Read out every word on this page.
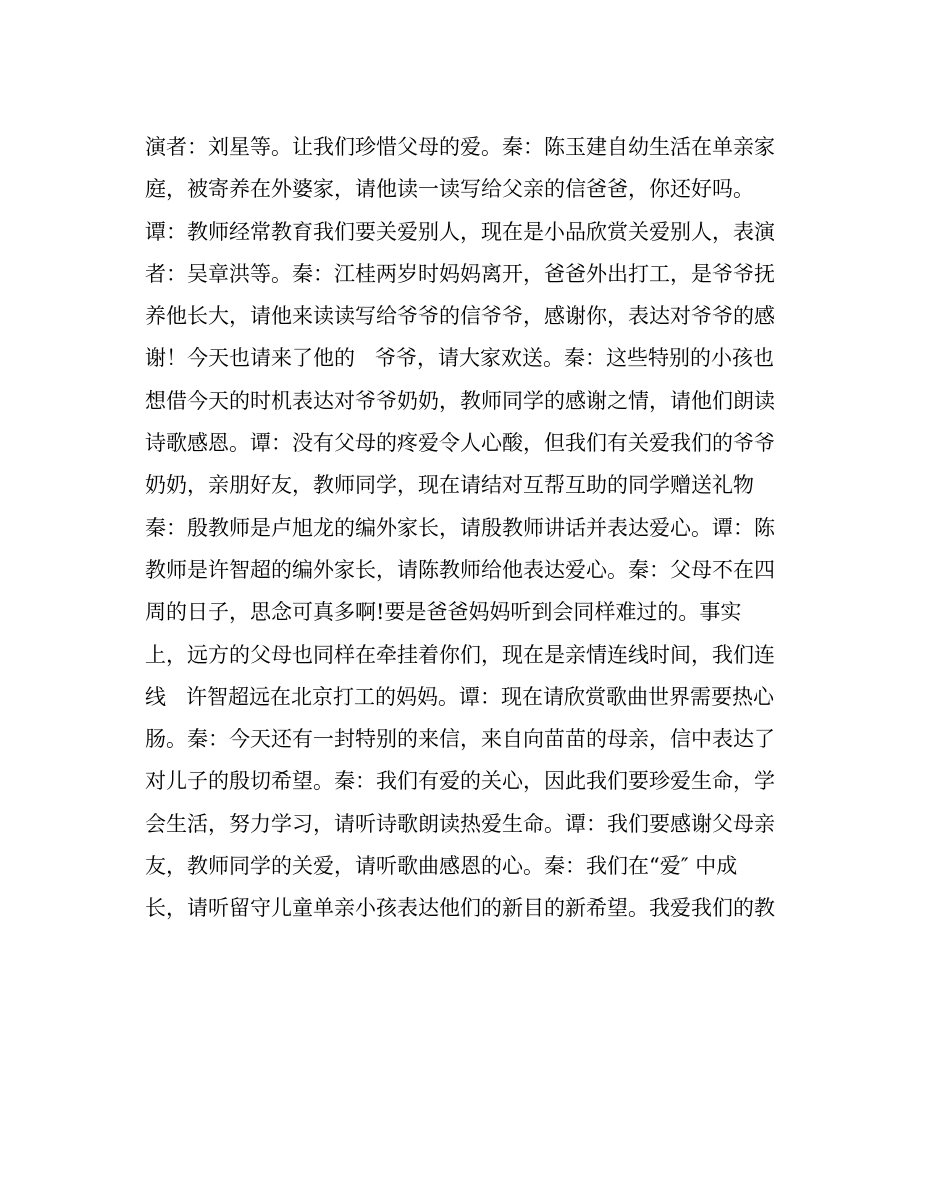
演者：刘星等。让我们珍惜父母的爱。秦：陈玉建自幼生活在单亲家
庭，被寄养在外婆家，请他读一读写给父亲的信爸爸，你还好吗。
谭：教师经常教育我们要关爱别人，现在是小品欣赏关爱别人，表演
者：吴章洪等。秦：江桂两岁时妈妈离开，爸爸外出打工，是爷爷抚
养他长大，请他来读读写给爷爷的信爷爷，感谢你，表达对爷爷的感
谢！今天也请来了他的   爷爷，请大家欢送。秦：这些特别的小孩也
想借今天的时机表达对爷爷奶奶，教师同学的感谢之情，请他们朗读
诗歌感恩。谭：没有父母的疼爱令人心酸，但我们有关爱我们的爷爷
奶奶，亲朋好友，教师同学，现在请结对互帮互助的同学赠送礼物
秦：殷教师是卢旭龙的编外家长，请殷教师讲话并表达爱心。谭：陈
教师是许智超的编外家长，请陈教师给他表达爱心。秦：父母不在四
周的日子，思念可真多啊!要是爸爸妈妈听到会同样难过的。事实
上，远方的父母也同样在牵挂着你们，现在是亲情连线时间，我们连
线   许智超远在北京打工的妈妈。谭：现在请欣赏歌曲世界需要热心
肠。秦：今天还有一封特别的来信，来自向苗苗的母亲，信中表达了
对儿子的殷切希望。秦：我们有爱的关心，因此我们要珍爱生命，学
会生活，努力学习，请听诗歌朗读热爱生命。谭：我们要感谢父母亲
友，教师同学的关爱，请听歌曲感恩的心。秦：我们在“爱″ 中成
长，请听留守儿童单亲小孩表达他们的新目的新希望。我爱我们的教
